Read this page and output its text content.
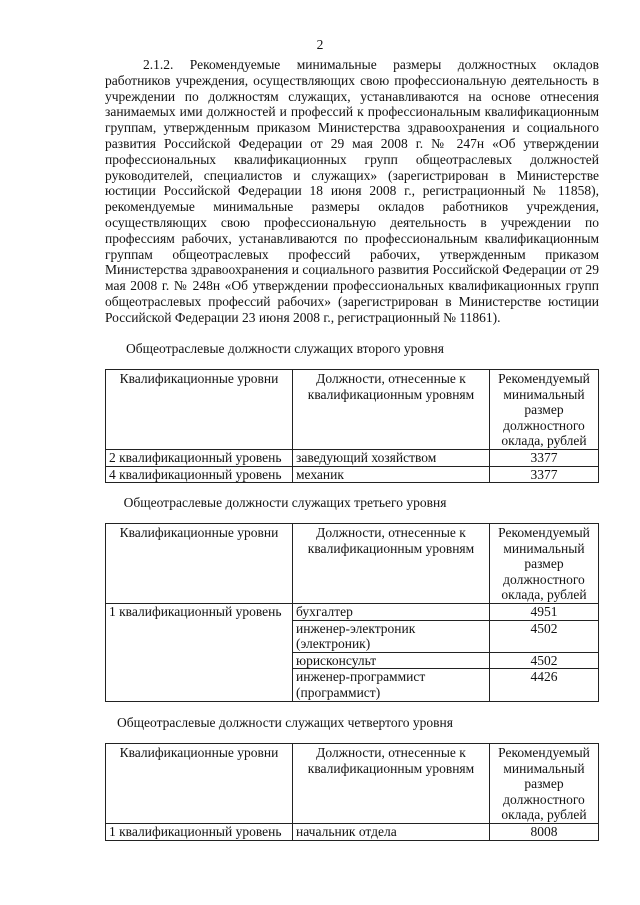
2

2.1.2. Рекомендуемые минимальные размеры должностных окладов работников учреждения, осуществляющих свою профессиональную деятельность в учреждении по должностям служащих, устанавливаются на основе отнесения занимаемых ими должностей и профессий к профессиональным квалификационным группам, утвержденным приказом Министерства здравоохранения и социального развития Российской Федерации от 29 мая 2008 г. № 247н «Об утверждении профессиональных квалификационных групп общеотраслевых должностей руководителей, специалистов и служащих» (зарегистрирован в Министерстве юстиции Российской Федерации 18 июня 2008 г., регистрационный № 11858), рекомендуемые минимальные размеры окладов работников учреждения, осуществляющих свою профессиональную деятельность в учреждении по профессиям рабочих, устанавливаются по профессиональным квалификационным группам общеотраслевых профессий рабочих, утвержденным приказом Министерства здравоохранения и социального развития Российской Федерации от 29 мая 2008 г. № 248н «Об утверждении профессиональных квалификационных групп общеотраслевых профессий рабочих» (зарегистрирован в Министерстве юстиции Российской Федерации 23 июня 2008 г., регистрационный № 11861).

Общеотраслевые должности служащих второго уровня
Квалификационные уровни	Должности, отнесенные к квалификационным уровням	Рекомендуемый минимальный размер должностного оклада, рублей
2 квалификационный уровень	заведующий хозяйством	3377
4 квалификационный уровень	механик	3377
Общеотраслевые должности служащих третьего уровня
Квалификационные уровни	Должности, отнесенные к квалификационным уровням	Рекомендуемый минимальный размер должностного оклада, рублей
1 квалификационный уровень	бухгалтер	4951
	инженер-электроник (электроник)	4502
	юрисконсульт	4502
	инженер-программист (программист)	4426
Общеотраслевые должности служащих четвертого уровня
Квалификационные уровни	Должности, отнесенные к квалификационным уровням	Рекомендуемый минимальный размер должностного оклада, рублей
1 квалификационный уровень	начальник отдела	8008
